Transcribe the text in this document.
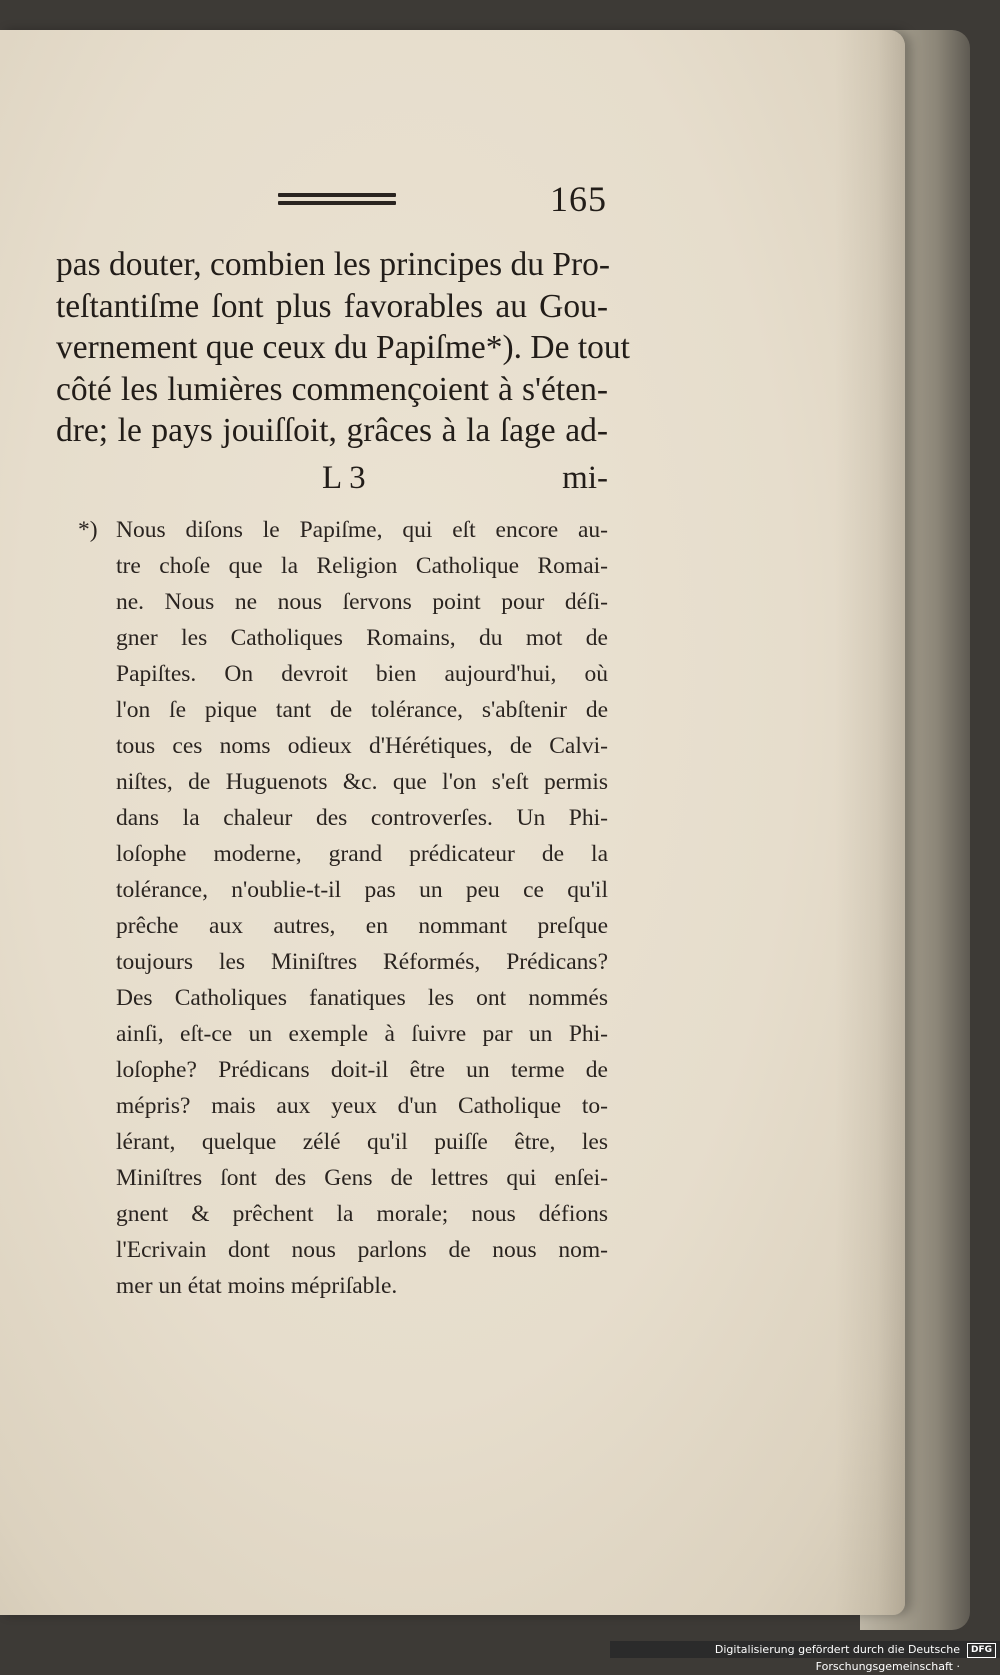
165
pas douter, combien les principes du Pro-
teſtantiſme ſont plus favorables au Gou-
vernement que ceux du Papiſme*). De tout
côté les lumières commençoient à s'éten-
dre; le pays jouiſſoit, grâces à la ſage ad-
L 3	mi-
*) Nous diſons le Papiſme, qui eſt encore au-
tre choſe que la Religion Catholique Romai-
ne. Nous ne nous ſervons point pour déſi-
gner les Catholiques Romains, du mot de
Papiſtes. On devroit bien aujourd'hui, où
l'on ſe pique tant de tolérance, s'abſtenir de
tous ces noms odieux d'Hérétiques, de Calvi-
niſtes, de Huguenots &c. que l'on s'eſt permis
dans la chaleur des controverſes. Un Phi-
loſophe moderne, grand prédicateur de la
tolérance, n'oublie-t-il pas un peu ce qu'il
prêche aux autres, en nommant preſque
toujours les Miniſtres Réformés, Prédicans?
Des Catholiques fanatiques les ont nommés
ainſi, eſt-ce un exemple à ſuivre par un Phi-
loſophe? Prédicans doit-il être un terme de
mépris? mais aux yeux d'un Catholique to-
lérant, quelque zélé qu'il puiſſe être, les
Miniſtres ſont des Gens de lettres qui enſei-
gnent & prêchent la morale; nous défions
l'Ecrivain dont nous parlons de nous nom-
mer un état moins mépriſable.
Digitalisierung gefördert durch die Deutsche Forschungsgemeinschaft ·
DFG
